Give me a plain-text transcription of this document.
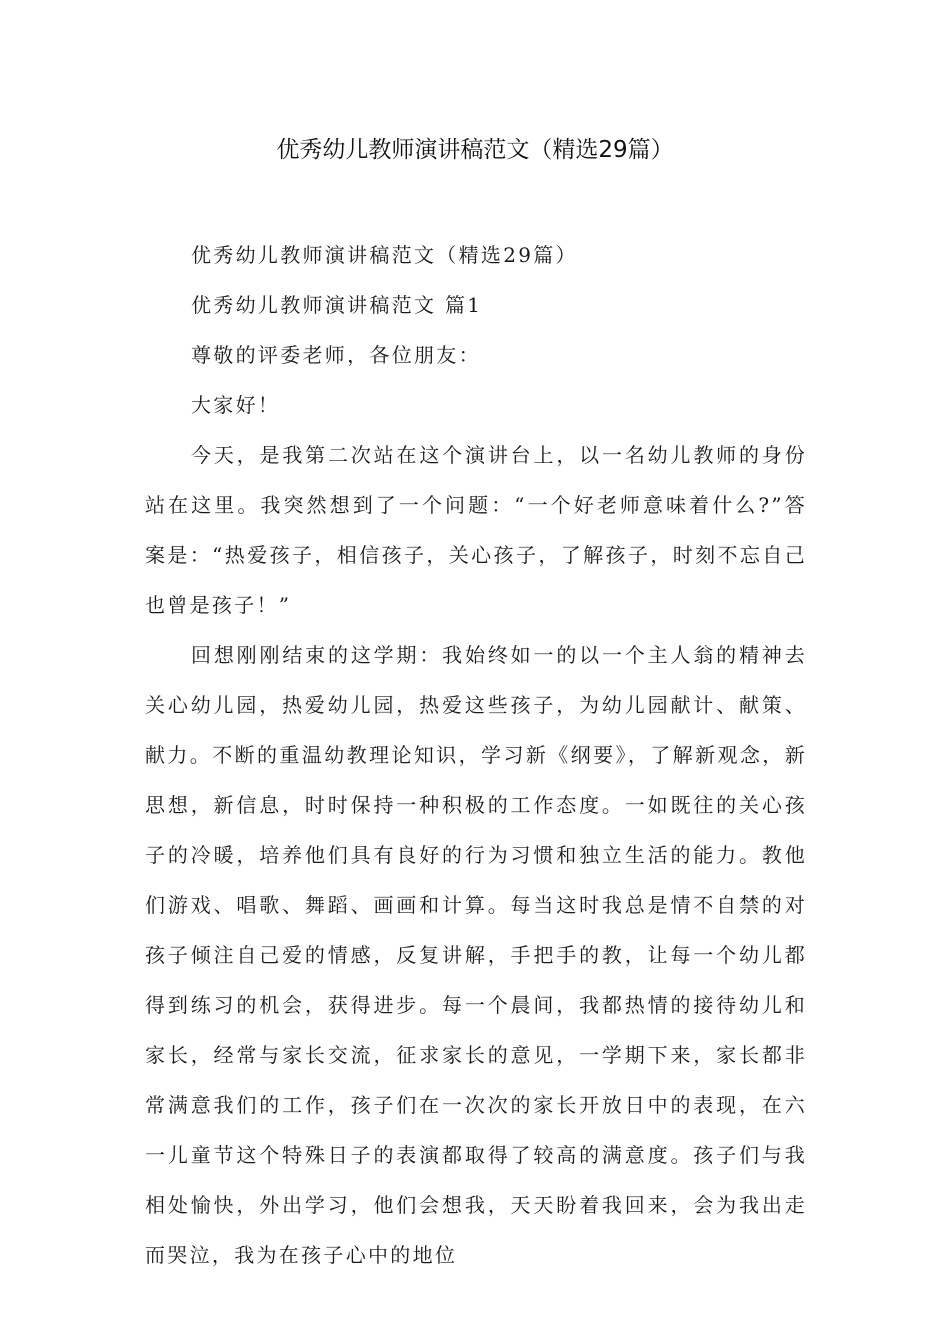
优秀幼儿教师演讲稿范文（精选29篇）

优秀幼儿教师演讲稿范文（精选29篇）

优秀幼儿教师演讲稿范文 篇1

尊敬的评委老师，各位朋友：

大家好！

今天，是我第二次站在这个演讲台上，以一名幼儿教师的身份站在这里。我突然想到了一个问题：“一个好老师意味着什么?”答案是：“热爱孩子，相信孩子，关心孩子，了解孩子，时刻不忘自己也曾是孩子！”

回想刚刚结束的这学期：我始终如一的以一个主人翁的精神去关心幼儿园，热爱幼儿园，热爱这些孩子，为幼儿园献计、献策、献力。不断的重温幼教理论知识，学习新《纲要》，了解新观念，新思想，新信息，时时保持一种积极的工作态度。一如既往的关心孩子的冷暖，培养他们具有良好的行为习惯和独立生活的能力。教他们游戏、唱歌、舞蹈、画画和计算。每当这时我总是情不自禁的对孩子倾注自己爱的情感，反复讲解，手把手的教，让每一个幼儿都得到练习的机会，获得进步。每一个晨间，我都热情的接待幼儿和家长，经常与家长交流，征求家长的意见，一学期下来，家长都非常满意我们的工作，孩子们在一次次的家长开放日中的表现，在六一儿童节这个特殊日子的表演都取得了较高的满意度。孩子们与我相处愉快，外出学习，他们会想我，天天盼着我回来，会为我出走而哭泣，我为在孩子心中的地位
